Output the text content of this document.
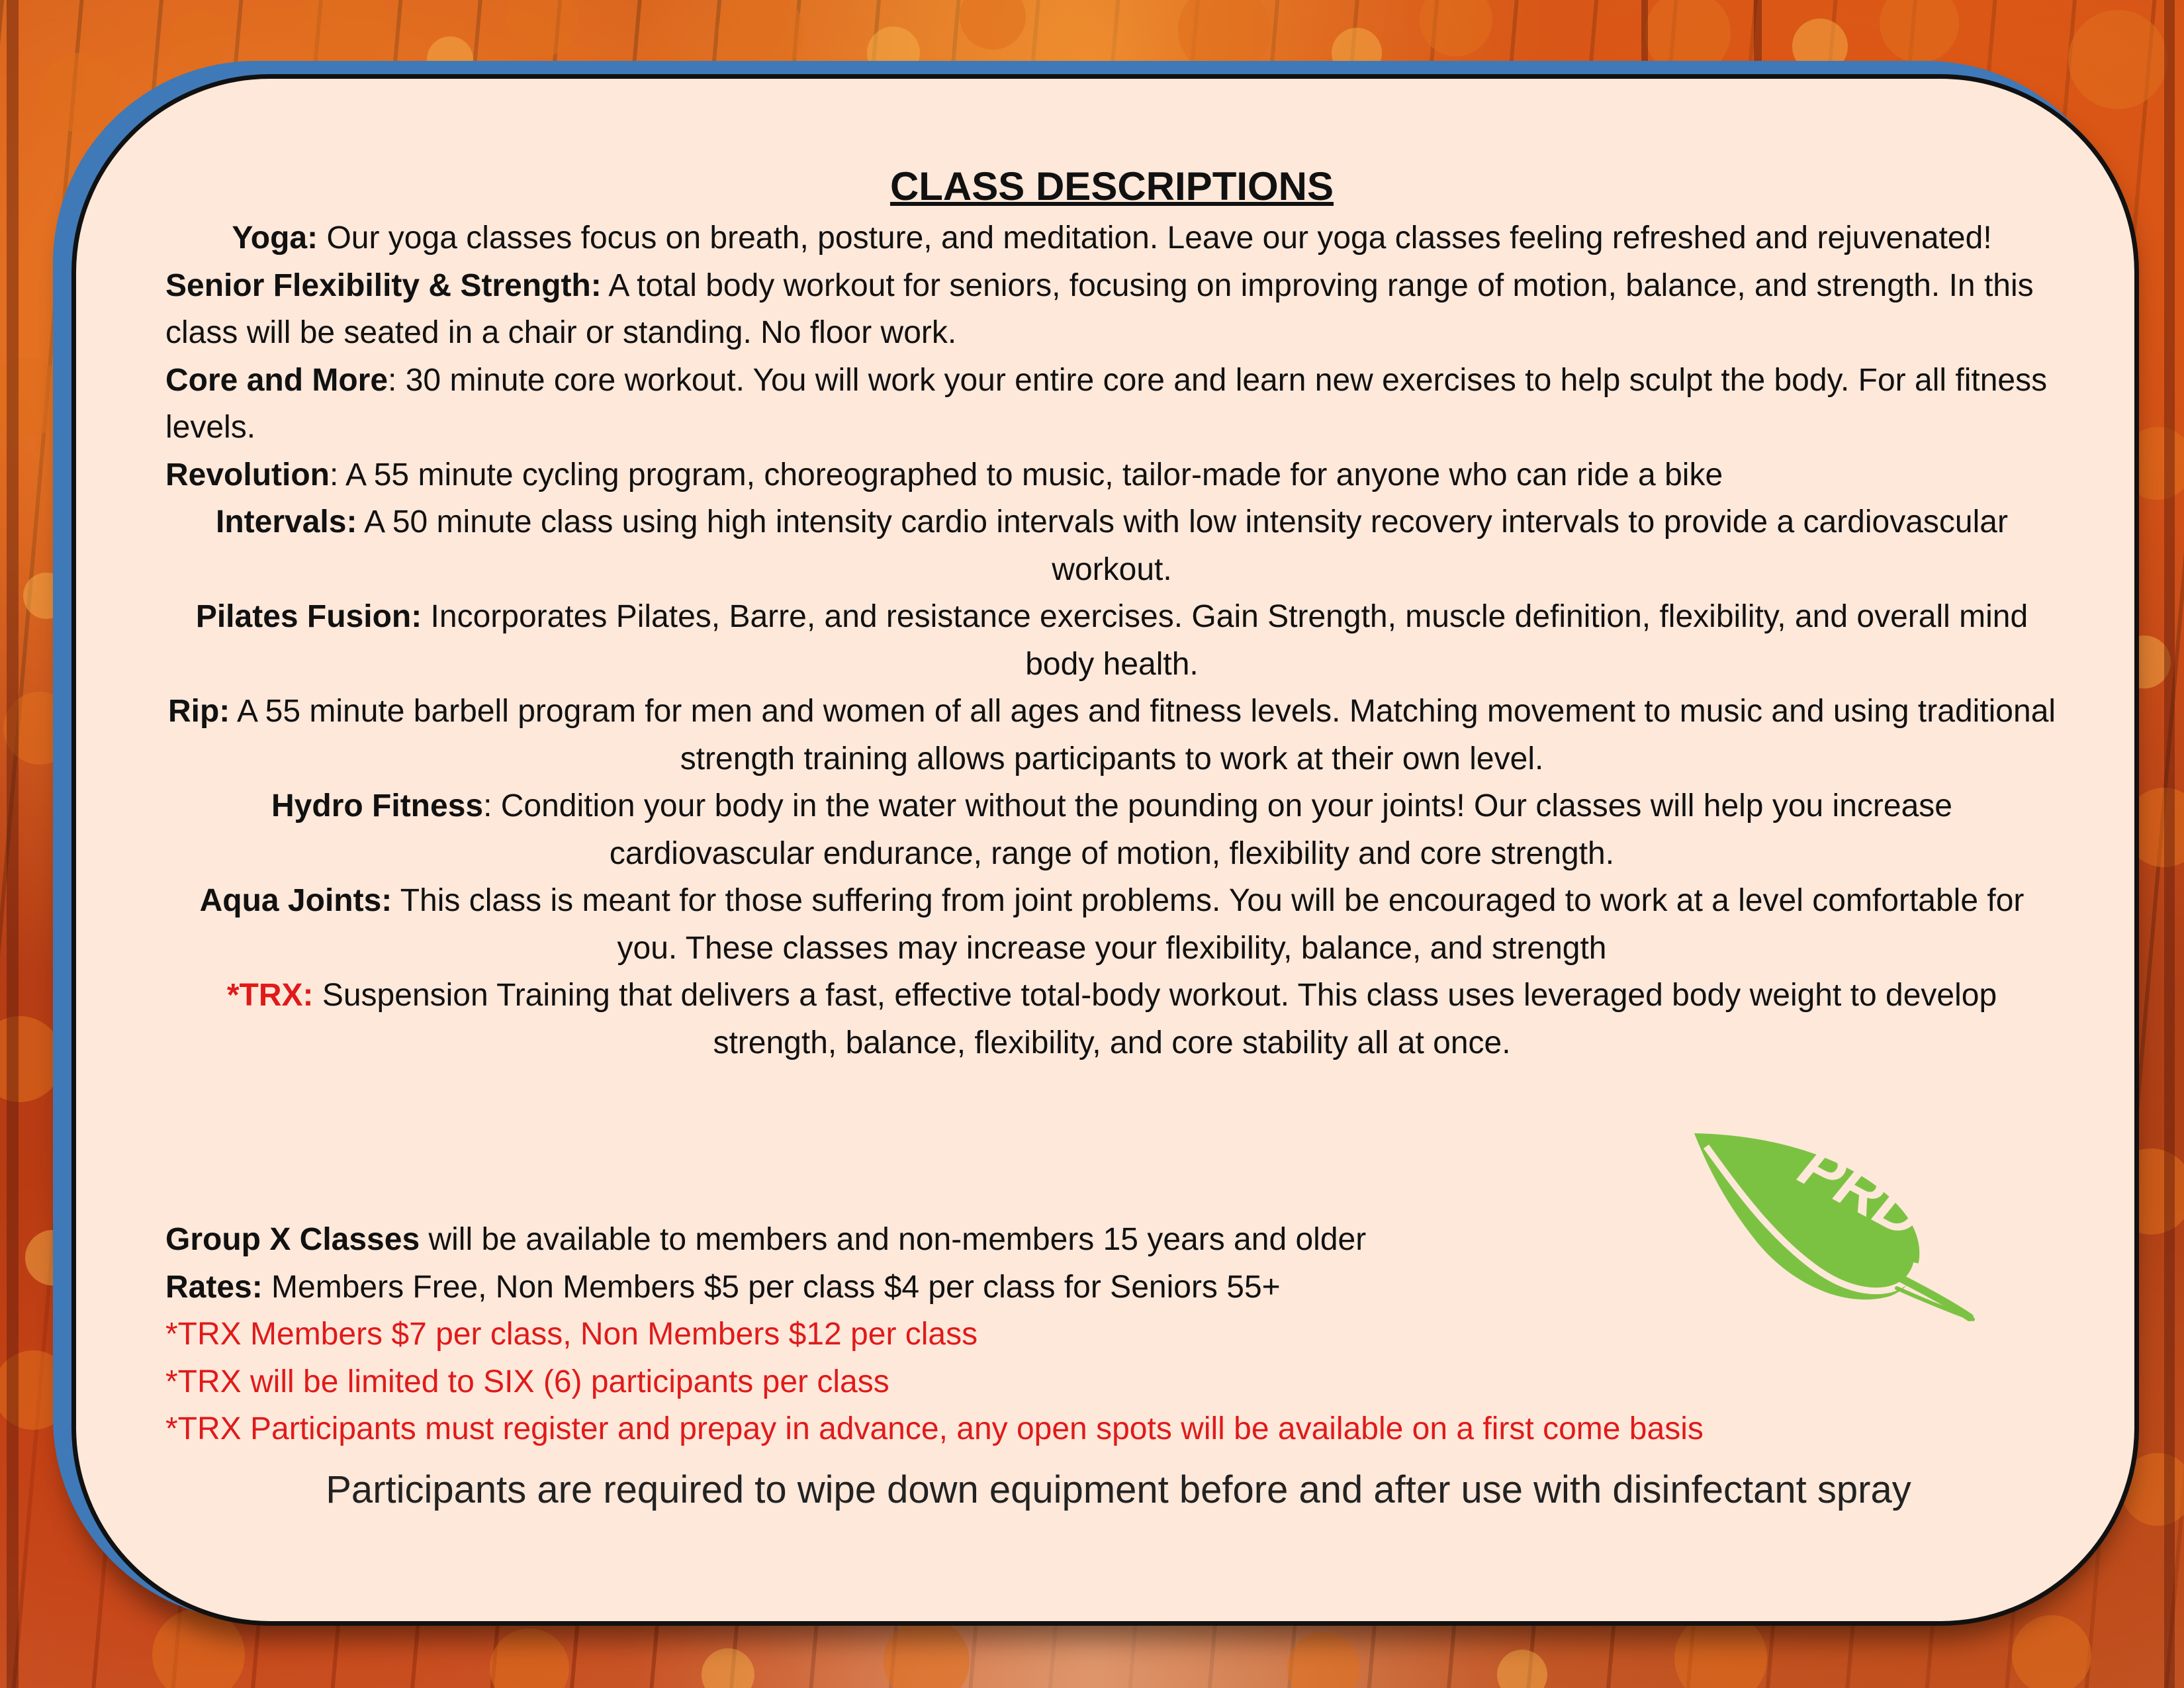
CLASS DESCRIPTIONS

Yoga: Our yoga classes focus on breath, posture, and meditation. Leave our yoga classes feeling refreshed and rejuvenated!

Senior Flexibility & Strength: A total body workout for seniors, focusing on improving range of motion, balance, and strength. In this class will be seated in a chair or standing. No floor work.

Core and More: 30 minute core workout. You will work your entire core and learn new exercises to help sculpt the body. For all fitness levels.

Revolution: A 55 minute cycling program, choreographed to music, tailor-made for anyone who can ride a bike

Intervals: A 50 minute class using high intensity cardio intervals with low intensity recovery intervals to provide a cardiovascular workout.

Pilates Fusion: Incorporates Pilates, Barre, and resistance exercises. Gain Strength, muscle definition, flexibility, and overall mind body health.

Rip: A 55 minute barbell program for men and women of all ages and fitness levels. Matching movement to music and using traditional strength training allows participants to work at their own level.

Hydro Fitness: Condition your body in the water without the pounding on your joints! Our classes will help you increase cardiovascular endurance, range of motion, flexibility and core strength.

Aqua Joints: This class is meant for those suffering from joint problems. You will be encouraged to work at a level comfortable for you. These classes may increase your flexibility, balance, and strength

*TRX: Suspension Training that delivers a fast, effective total-body workout. This class uses leveraged body weight to develop strength, balance, flexibility, and core stability all at once.

Group X Classes will be available to members and non-members 15 years and older

Rates: Members Free, Non Members $5 per class $4 per class for Seniors 55+

*TRX Members $7 per class, Non Members $12 per class

*TRX will be limited to SIX (6) participants per class

*TRX Participants must register and prepay in advance, any open spots will be available on a first come basis

Participants are required to wipe down equipment before and after use with disinfectant spray

PRD
